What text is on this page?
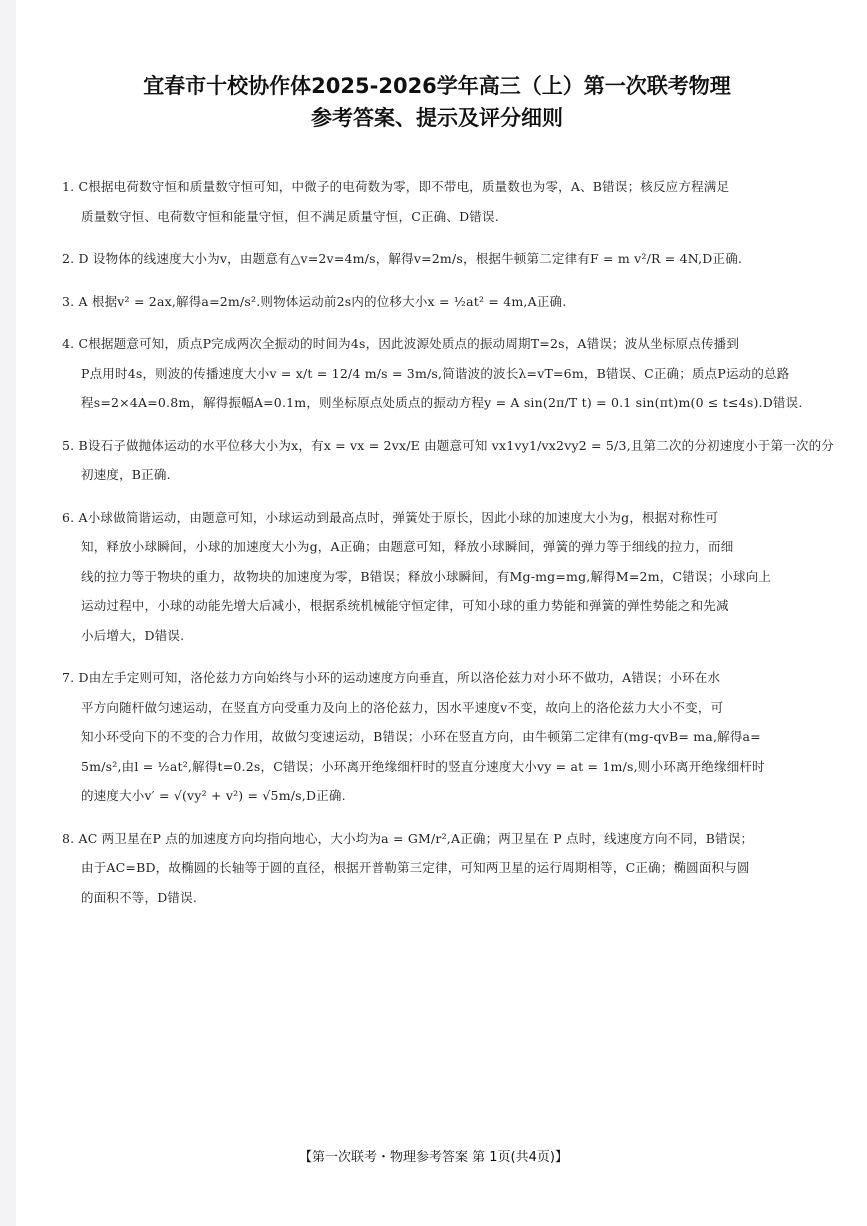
宜春市十校协作体2025-2026学年高三（上）第一次联考物理
参考答案、提示及评分细则
1. C根据电荷数守恒和质量数守恒可知，中微子的电荷数为零，即不带电，质量数也为零，A、B错误；核反应方程满足
质量数守恒、电荷数守恒和能量守恒，但不满足质量守恒，C正确、D错误.
2. D 设物体的线速度大小为v，由题意有△v=2v=4m/s，解得v=2m/s，根据牛顿第二定律有F = m v²/R = 4N,D正确.
3. A 根据v² = 2ax,解得a=2m/s².则物体运动前2s内的位移大小x = ½at² = 4m,A正确.
4. C根据题意可知，质点P完成两次全振动的时间为4s，因此波源处质点的振动周期T=2s，A错误；波从坐标原点传播到
P点用时4s，则波的传播速度大小v = x/t = 12/4 m/s = 3m/s,简谐波的波长λ=vT=6m，B错误、C正确；质点P运动的总路
程s=2×4A=0.8m，解得振幅A=0.1m，则坐标原点处质点的振动方程y = A sin(2π/T t) = 0.1 sin(πt)m(0 ≤ t≤4s).D错误.
5. B设石子做抛体运动的水平位移大小为x，有x = vx = 2vx/E 由题意可知 vx1vy1/vx2vy2 = 5/3,且第二次的分初速度小于第一次的分
初速度，B正确.
6. A小球做简谐运动，由题意可知，小球运动到最高点时，弹簧处于原长，因此小球的加速度大小为g，根据对称性可
知，释放小球瞬间，小球的加速度大小为g，A正确；由题意可知，释放小球瞬间，弹簧的弹力等于细线的拉力，而细
线的拉力等于物块的重力，故物块的加速度为零，B错误；释放小球瞬间，有Mg-mg=mg,解得M=2m，C错误；小球向上
运动过程中，小球的动能先增大后减小，根据系统机械能守恒定律，可知小球的重力势能和弹簧的弹性势能之和先减
小后增大，D错误.
7. D由左手定则可知，洛伦兹力方向始终与小环的运动速度方向垂直，所以洛伦兹力对小环不做功，A错误；小环在水
平方向随杆做匀速运动，在竖直方向受重力及向上的洛伦兹力，因水平速度v不变，故向上的洛伦兹力大小不变，可
知小环受向下的不变的合力作用，故做匀变速运动，B错误；小环在竖直方向，由牛顿第二定律有(mg-qvB= ma,解得a=
5m/s²,由l = ½at²,解得t=0.2s，C错误；小环离开绝缘细杆时的竖直分速度大小vy = at = 1m/s,则小环离开绝缘细杆时
的速度大小v′ = √(vy² + v²) = √5m/s,D正确.
8. AC 两卫星在P 点的加速度方向均指向地心，大小均为a = GM/r²,A正确；两卫星在 P 点时，线速度方向不同，B错误；
由于AC=BD，故椭圆的长轴等于圆的直径，根据开普勒第三定律，可知两卫星的运行周期相等，C正确；椭圆面积与圆
的面积不等，D错误.
【第一次联考・物理参考答案 第 1页(共4页)】
